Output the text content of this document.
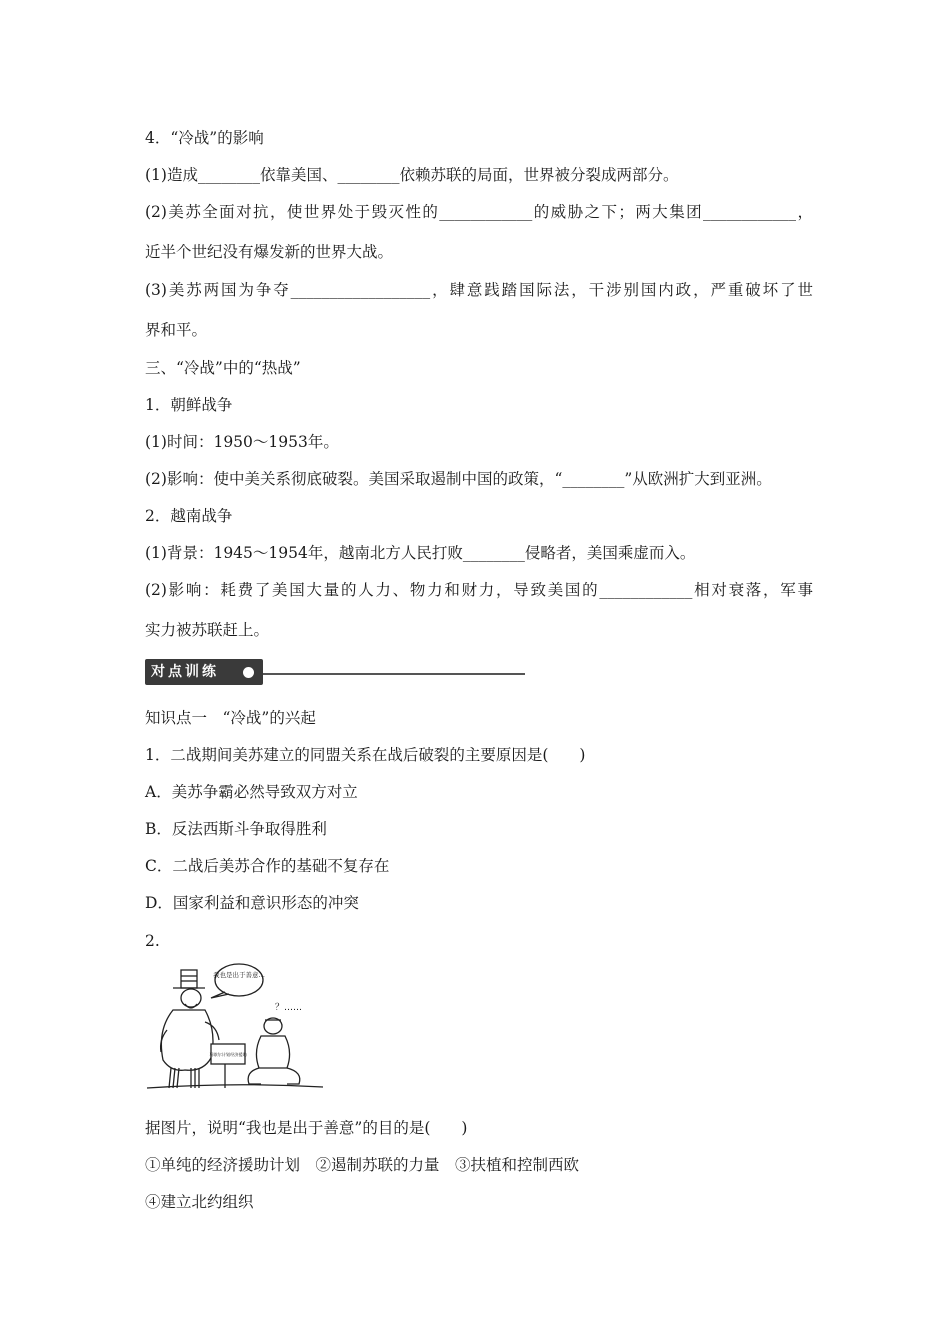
4．“冷战”的影响
(1)造成________依靠美国、________依赖苏联的局面，世界被分裂成两部分。
(2)美苏全面对抗，使世界处于毁灭性的____________的威胁之下；两大集团____________，
近半个世纪没有爆发新的世界大战。
(3)美苏两国为争夺__________________，肆意践踏国际法，干涉别国内政，严重破坏了世
界和平。
三、“冷战”中的“热战”
1．朝鲜战争
(1)时间：1950～1953年。
(2)影响：使中美关系彻底破裂。美国采取遏制中国的政策，“________”从欧洲扩大到亚洲。
2．越南战争
(1)背景：1945～1954年，越南北方人民打败________侵略者，美国乘虚而入。
(2)影响：耗费了美国大量的人力、物力和财力，导致美国的____________相对衰落，军事
实力被苏联赶上。
对点训练
知识点一　“冷战”的兴起
1．二战期间美苏建立的同盟关系在战后破裂的主要原因是(　　)
A．美苏争霸必然导致双方对立
B．反法西斯斗争取得胜利
C．二战后美苏合作的基础不复存在
D．国家利益和意识形态的冲突
2.
我也是出于善意…
？……
马歇尔计划经济援助
据图片，说明“我也是出于善意”的目的是(　　)
①单纯的经济援助计划　②遏制苏联的力量　③扶植和控制西欧
④建立北约组织
